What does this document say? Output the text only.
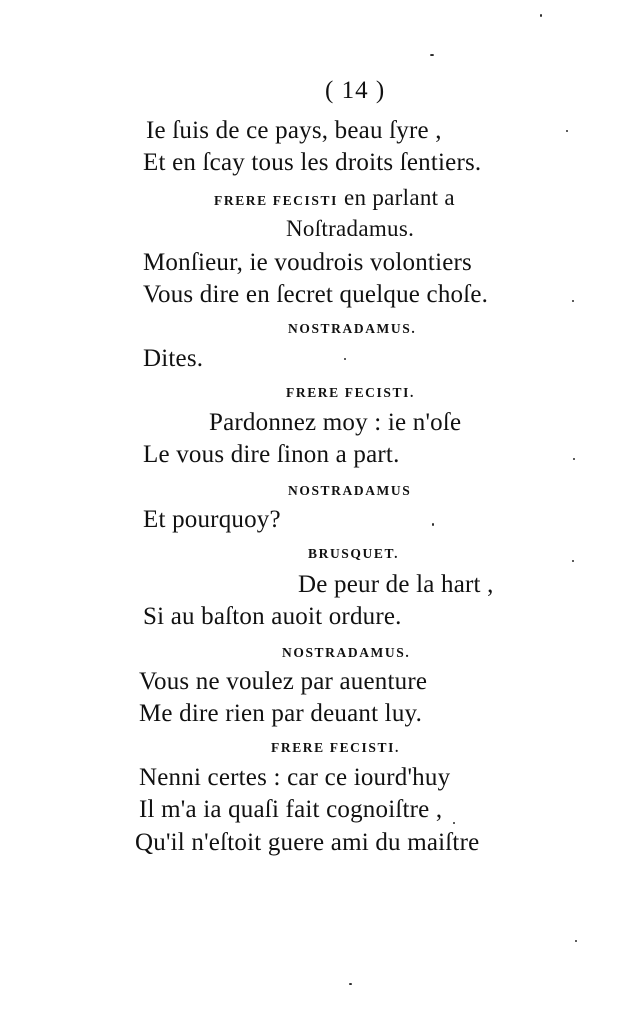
( 14 )
Ie ſuis de ce pays, beau ſyre ,
Et en ſcay tous les droits ſentiers.
FRERE FECISTI en parlant a
Noſtradamus.
Monſieur, ie voudrois volontiers
Vous dire en ſecret quelque choſe.
NOSTRADAMUS.
Dites.
FRERE FECISTI.
Pardonnez moy : ie n'oſe
Le vous dire ſinon a part.
NOSTRADAMUS
Et pourquoy?
BRUSQUET.
De peur de la hart ,
Si au baſton auoit ordure.
NOSTRADAMUS.
Vous ne voulez par auenture
Me dire rien par deuant luy.
FRERE FECISTI.
Nenni certes : car ce iourd'huy
Il m'a ia quaſi fait cognoiſtre ,
Qu'il n'eſtoit guere ami du maiſtre
